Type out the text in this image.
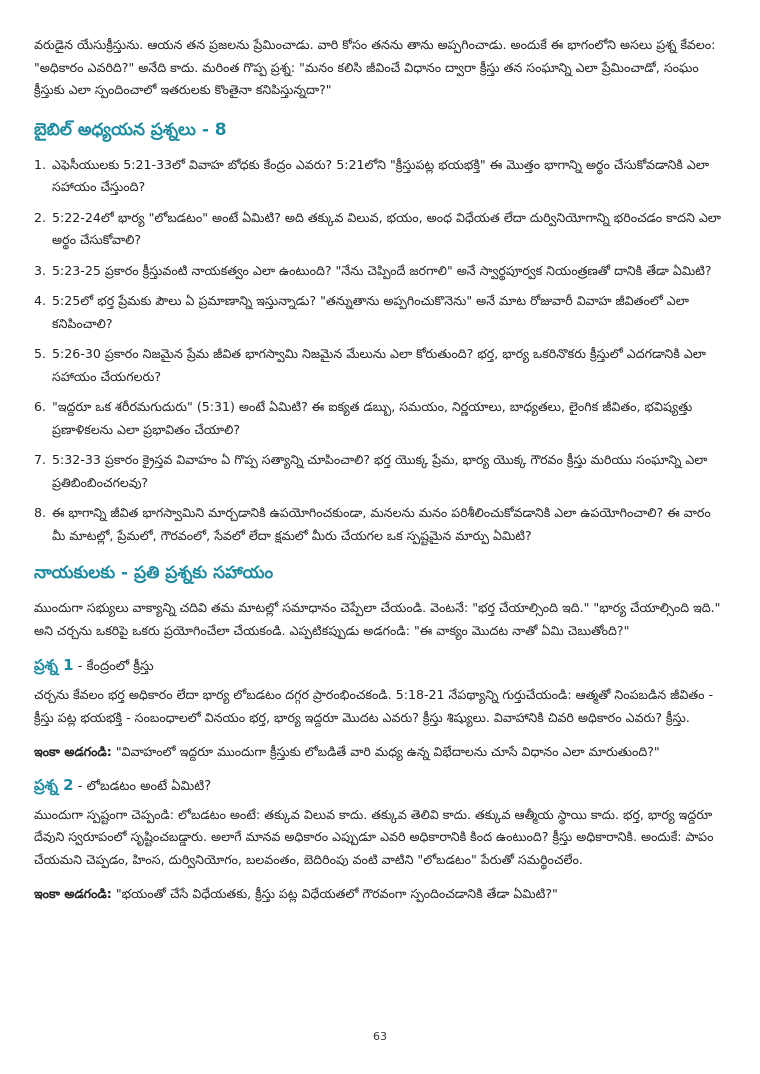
వరుడైన యేసుక్రీస్తును. ఆయన తన ప్రజలను ప్రేమించాడు. వారి కోసం తనను తాను అప్పగించాడు. అందుకే ఈ భాగంలోని అసలు ప్రశ్న కేవలం: "అధికారం ఎవరిది?" అనేది కాదు. మరింత గొప్ప ప్రశ్న: "మనం కలిసి జీవించే విధానం ద్వారా క్రీస్తు తన సంఘాన్ని ఎలా ప్రేమించాడో, సంఘం క్రీస్తుకు ఎలా స్పందించాలో ఇతరులకు కొంతైనా కనిపిస్తున్నదా?"

బైబిల్ అధ్యయన ప్రశ్నలు - 8
1. ఎఫెసీయులకు 5:21-33లో వివాహ బోధకు కేంద్రం ఎవరు? 5:21లోని "క్రీస్తుపట్ల భయభక్తి" ఈ మొత్తం భాగాన్ని అర్థం చేసుకోవడానికి ఎలా సహాయం చేస్తుంది?
2. 5:22-24లో భార్య "లోబడటం" అంటే ఏమిటి? అది తక్కువ విలువ, భయం, అంధ విధేయత లేదా దుర్వినియోగాన్ని భరించడం కాదని ఎలా అర్థం చేసుకోవాలి?
3. 5:23-25 ప్రకారం క్రీస్తువంటి నాయకత్వం ఎలా ఉంటుంది? "నేను చెప్పిందే జరగాలి" అనే స్వార్థపూర్వక నియంత్రణతో దానికి తేడా ఏమిటి?
4. 5:25లో భర్త ప్రేమకు పౌలు ఏ ప్రమాణాన్ని ఇస్తున్నాడు? "తన్నుతాను అప్పగించుకొనెను" అనే మాట రోజువారీ వివాహ జీవితంలో ఎలా కనిపించాలి?
5. 5:26-30 ప్రకారం నిజమైన ప్రేమ జీవిత భాగస్వామి నిజమైన మేలును ఎలా కోరుతుంది? భర్త, భార్య ఒకరినొకరు క్రీస్తులో ఎదగడానికి ఎలా సహాయం చేయగలరు?
6. "ఇద్దరూ ఒక శరీరమగుదురు" (5:31) అంటే ఏమిటి? ఈ ఐక్యత డబ్బు, సమయం, నిర్ణయాలు, బాధ్యతలు, లైంగిక జీవితం, భవిష్యత్తు ప్రణాళికలను ఎలా ప్రభావితం చేయాలి?
7. 5:32-33 ప్రకారం క్రైస్తవ వివాహం ఏ గొప్ప సత్యాన్ని చూపించాలి? భర్త యొక్క ప్రేమ, భార్య యొక్క గౌరవం క్రీస్తు మరియు సంఘాన్ని ఎలా ప్రతిబింబించగలవు?
8. ఈ భాగాన్ని జీవిత భాగస్వామిని మార్చడానికి ఉపయోగించకుండా, మనలను మనం పరిశీలించుకోవడానికి ఎలా ఉపయోగించాలి? ఈ వారం మీ మాటల్లో, ప్రేమలో, గౌరవంలో, సేవలో లేదా క్షమలో మీరు చేయగల ఒక స్పష్టమైన మార్పు ఏమిటి?
నాయకులకు - ప్రతి ప్రశ్నకు సహాయం

ముందుగా సభ్యులు వాక్యాన్ని చదివి తమ మాటల్లో సమాధానం చెప్పేలా చేయండి. వెంటనే: "భర్త చేయాల్సింది ఇది." "భార్య చేయాల్సింది ఇది." అని చర్చను ఒకరిపై ఒకరు ప్రయోగించేలా చేయకండి. ఎప్పటికప్పుడు అడగండి: "ఈ వాక్యం మొదట నాతో ఏమి చెబుతోంది?"

ప్రశ్న 1 - కేంద్రంలో క్రీస్తు

చర్చను కేవలం భర్త అధికారం లేదా భార్య లోబడటం దగ్గర ప్రారంభించకండి. 5:18-21 నేపథ్యాన్ని గుర్తుచేయండి: ఆత్మతో నింపబడిన జీవితం - క్రీస్తు పట్ల భయభక్తి - సంబంధాలలో వినయం భర్త, భార్య ఇద్దరూ మొదట ఎవరు? క్రీస్తు శిష్యులు. వివాహానికి చివరి అధికారం ఎవరు? క్రీస్తు.

ఇంకా అడగండి: "వివాహంలో ఇద్దరూ ముందుగా క్రీస్తుకు లోబడితే వారి మధ్య ఉన్న విభేదాలను చూసే విధానం ఎలా మారుతుంది?"

ప్రశ్న 2 - లోబడటం అంటే ఏమిటి?

ముందుగా స్పష్టంగా చెప్పండి: లోబడటం అంటే: తక్కువ విలువ కాదు. తక్కువ తెలివి కాదు. తక్కువ ఆత్మీయ స్థాయి కాదు. భర్త, భార్య ఇద్దరూ దేవుని స్వరూపంలో సృష్టించబడ్డారు. అలాగే మానవ అధికారం ఎప్పుడూ ఎవరి అధికారానికి కింద ఉంటుంది? క్రీస్తు అధికారానికి. అందుకే: పాపం చేయమని చెప్పడం, హింస, దుర్వినియోగం, బలవంతం, బెదిరింపు వంటి వాటిని "లోబడటం" పేరుతో సమర్థించలేం.

ఇంకా అడగండి: "భయంతో చేసే విధేయతకు, క్రీస్తు పట్ల విధేయతలో గౌరవంగా స్పందించడానికి తేడా ఏమిటి?"

63
